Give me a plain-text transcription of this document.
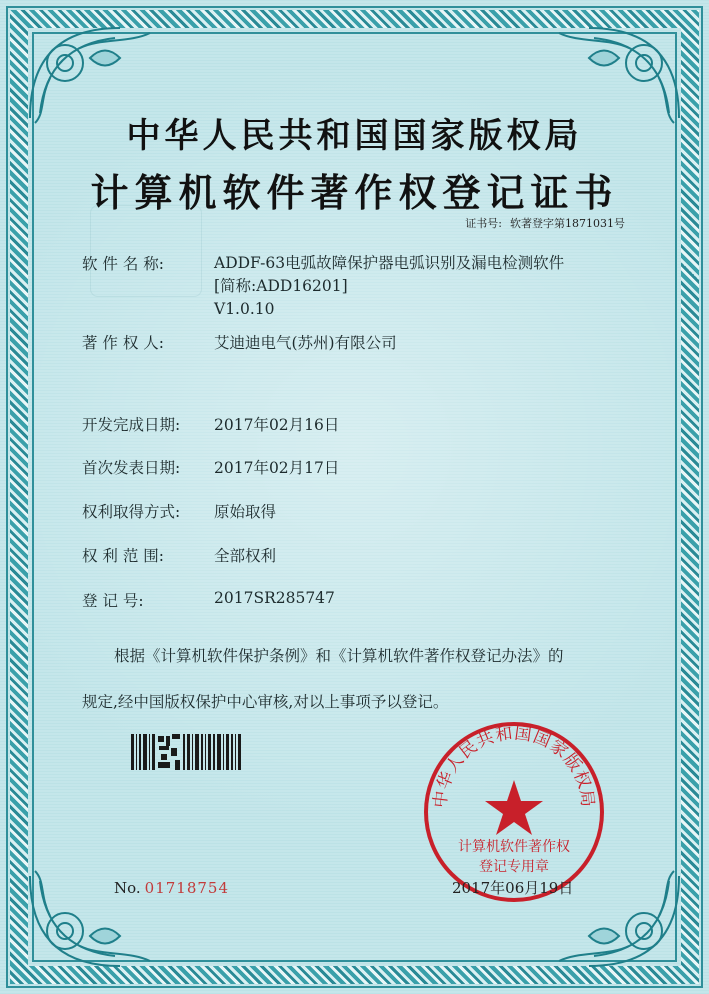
中华人民共和国国家版权局
计算机软件著作权登记证书
证书号: 软著登字第1871031号
软 件 名 称:	ADDF-63电弧故障保护器电弧识别及漏电检测软件
[简称:ADD16201]
V1.0.10
著 作 权 人:	艾迪迪电气(苏州)有限公司
开发完成日期: 2017年02月16日
首次发表日期: 2017年02月17日
权利取得方式: 原始取得
权 利 范 围:	全部权利
登 记 号:	2017SR285747
根据《计算机软件保护条例》和《计算机软件著作权登记办法》的
规定,经中国版权保护中心审核,对以上事项予以登记。
No. 01718754
中华人民共和国国家版权局
计算机软件著作权
登记专用章
2017年06月19日
